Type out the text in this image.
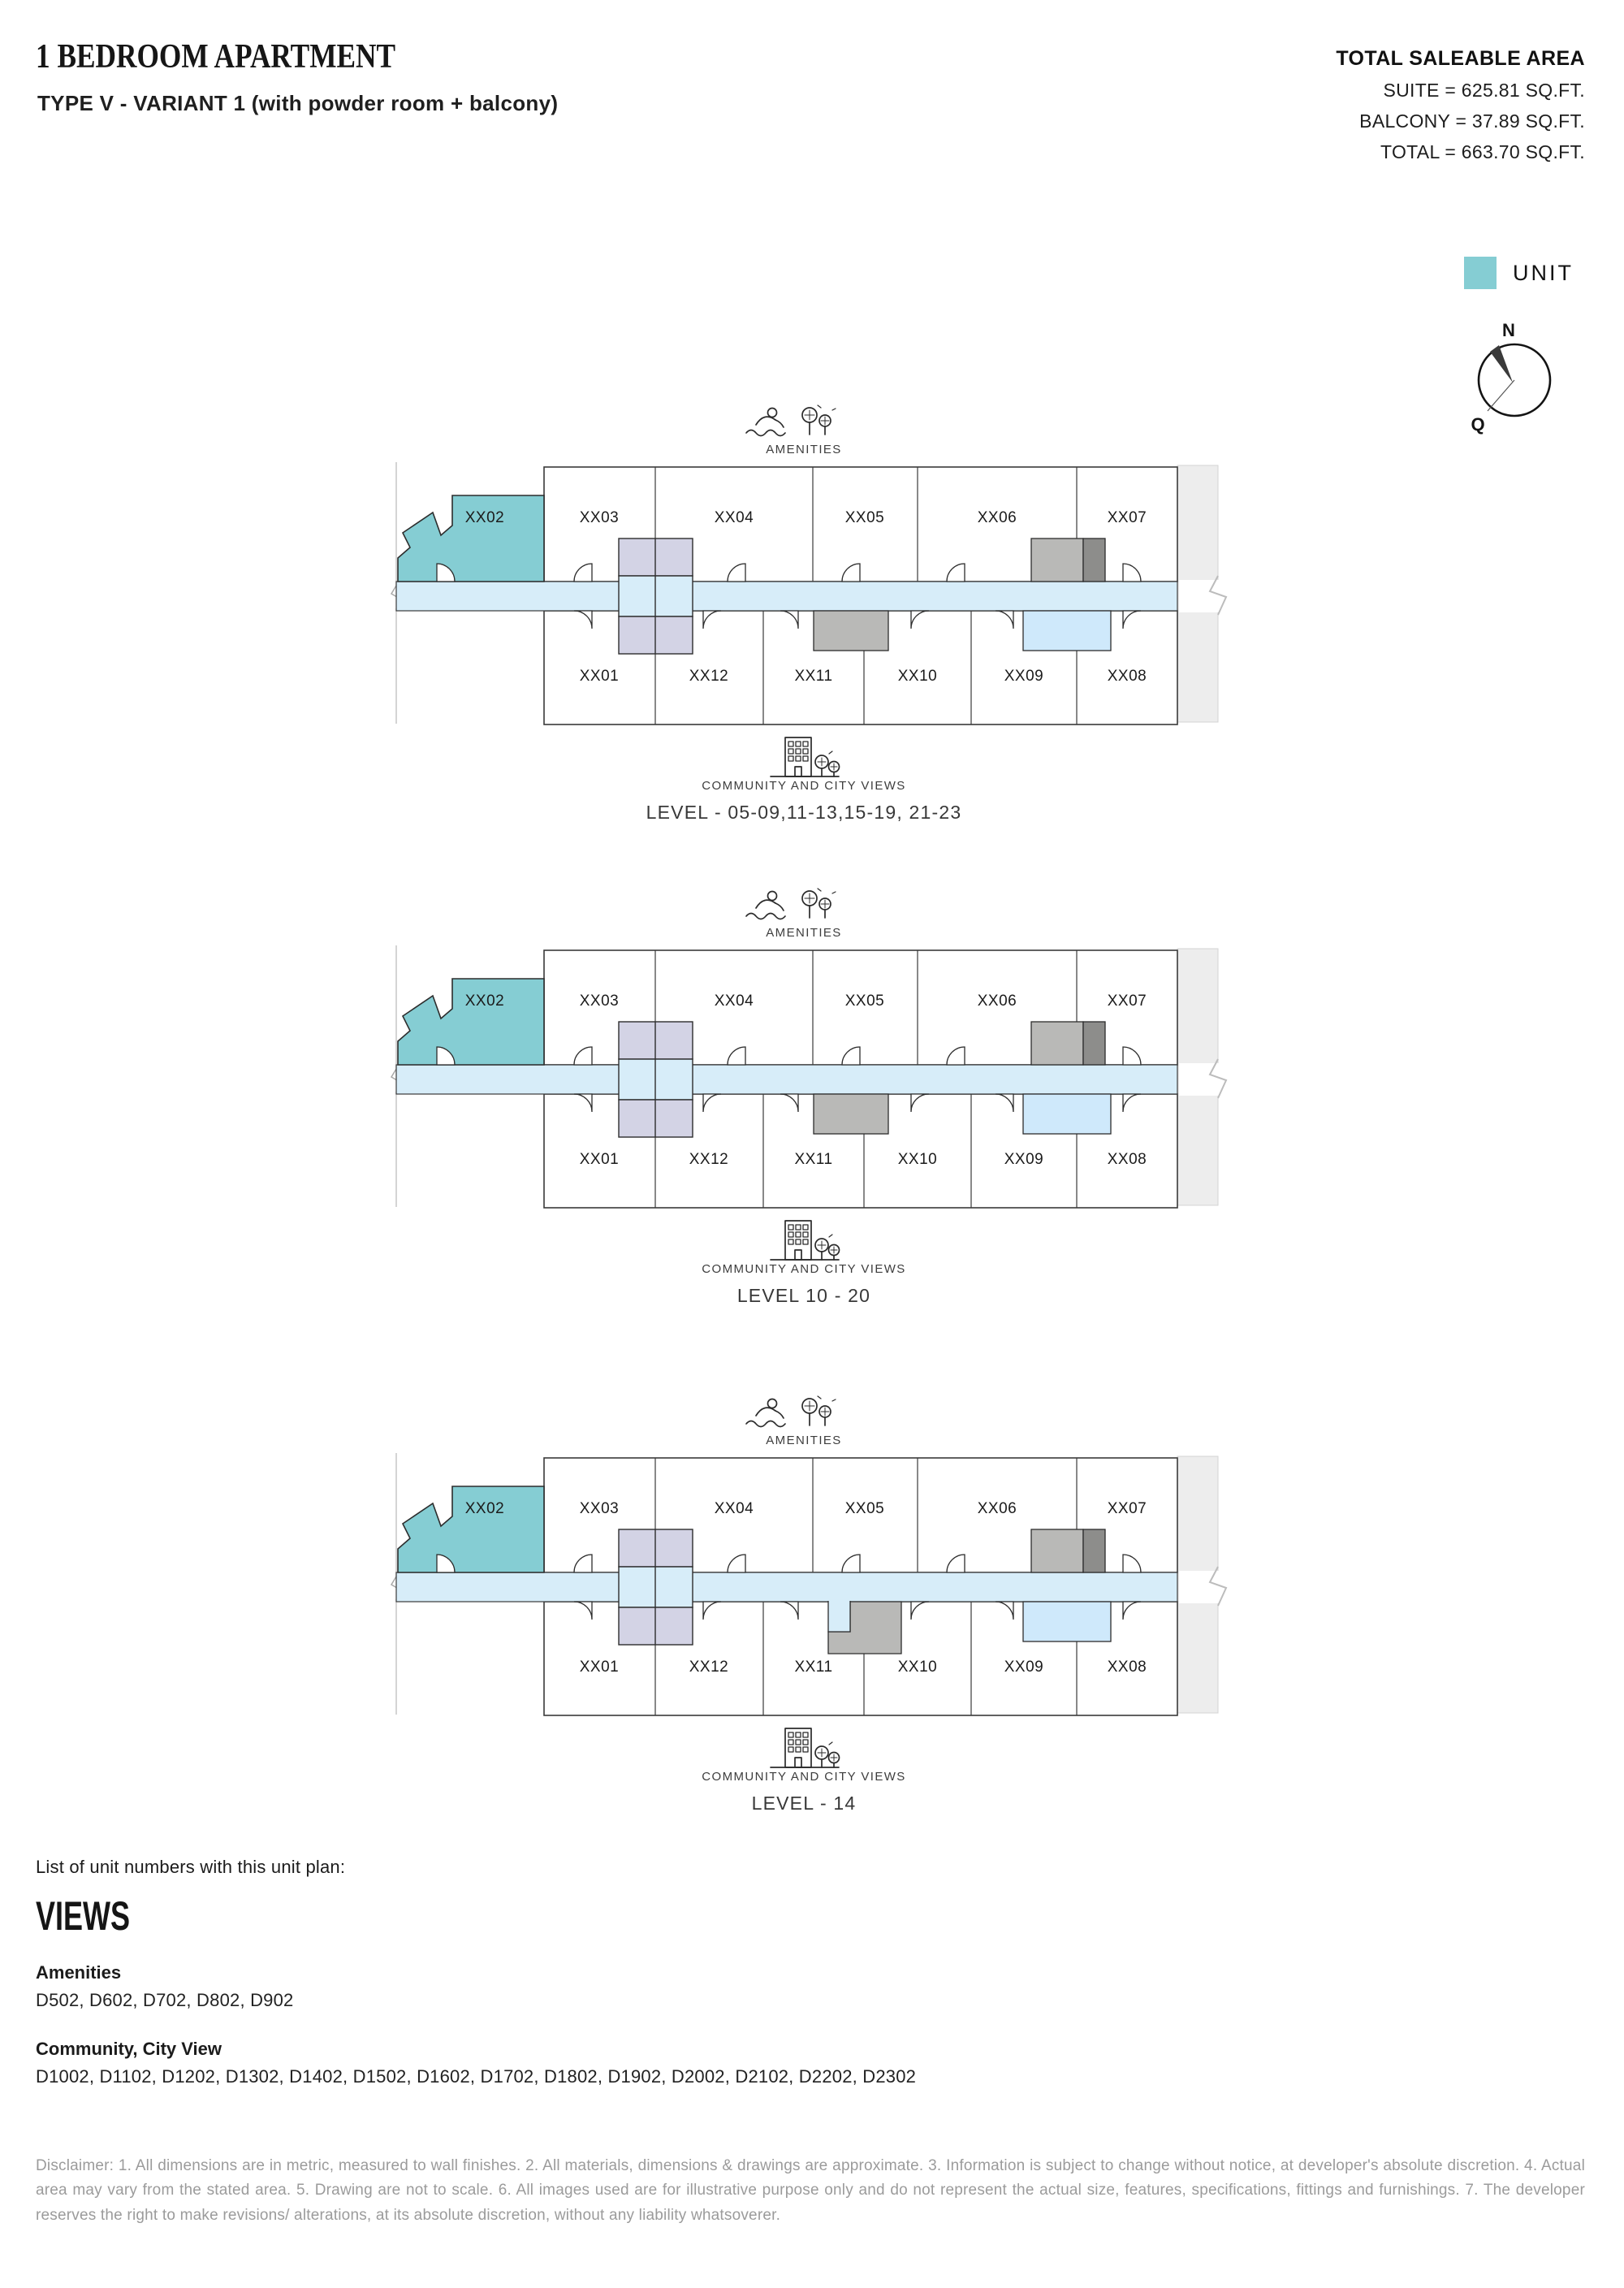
1 BEDROOM APARTMENT
TYPE V - VARIANT 1 (with powder room + balcony)
TOTAL SALEABLE AREA
SUITE = 625.81 SQ.FT.
BALCONY = 37.89 SQ.FT.
TOTAL = 663.70 SQ.FT.
UNIT
N
Q
AMENITIES
XX02	XX03	XX04	XX05	XX06	XX07
XX01	XX12	XX11	XX10	XX09	XX08
COMMUNITY AND CITY VIEWS
LEVEL - 05-09,11-13,15-19, 21-23
AMENITIES
XX02	XX03	XX04	XX05	XX06	XX07
XX01	XX12	XX11	XX10	XX09	XX08
COMMUNITY AND CITY VIEWS
LEVEL 10 - 20
AMENITIES
XX02	XX03	XX04	XX05	XX06	XX07
XX01	XX12	XX11	XX10	XX09	XX08
COMMUNITY AND CITY VIEWS
LEVEL - 14
List of unit numbers with this unit plan:
VIEWS
Amenities
D502, D602, D702, D802, D902
Community, City View
D1002, D1102, D1202, D1302, D1402, D1502, D1602, D1702, D1802, D1902, D2002, D2102, D2202, D2302
Disclaimer: 1. All dimensions are in metric, measured to wall finishes. 2. All materials, dimensions & drawings are approximate. 3. Information is subject to change without notice, at developer's absolute discretion. 4. Actual area may vary from the stated area. 5. Drawing are not to scale. 6. All images used are for illustrative purpose only and do not represent the actual size, features, specifications, fittings and furnishings. 7. The developer reserves the right to make revisions/ alterations, at its absolute discretion, without any liability whatsoverer.
